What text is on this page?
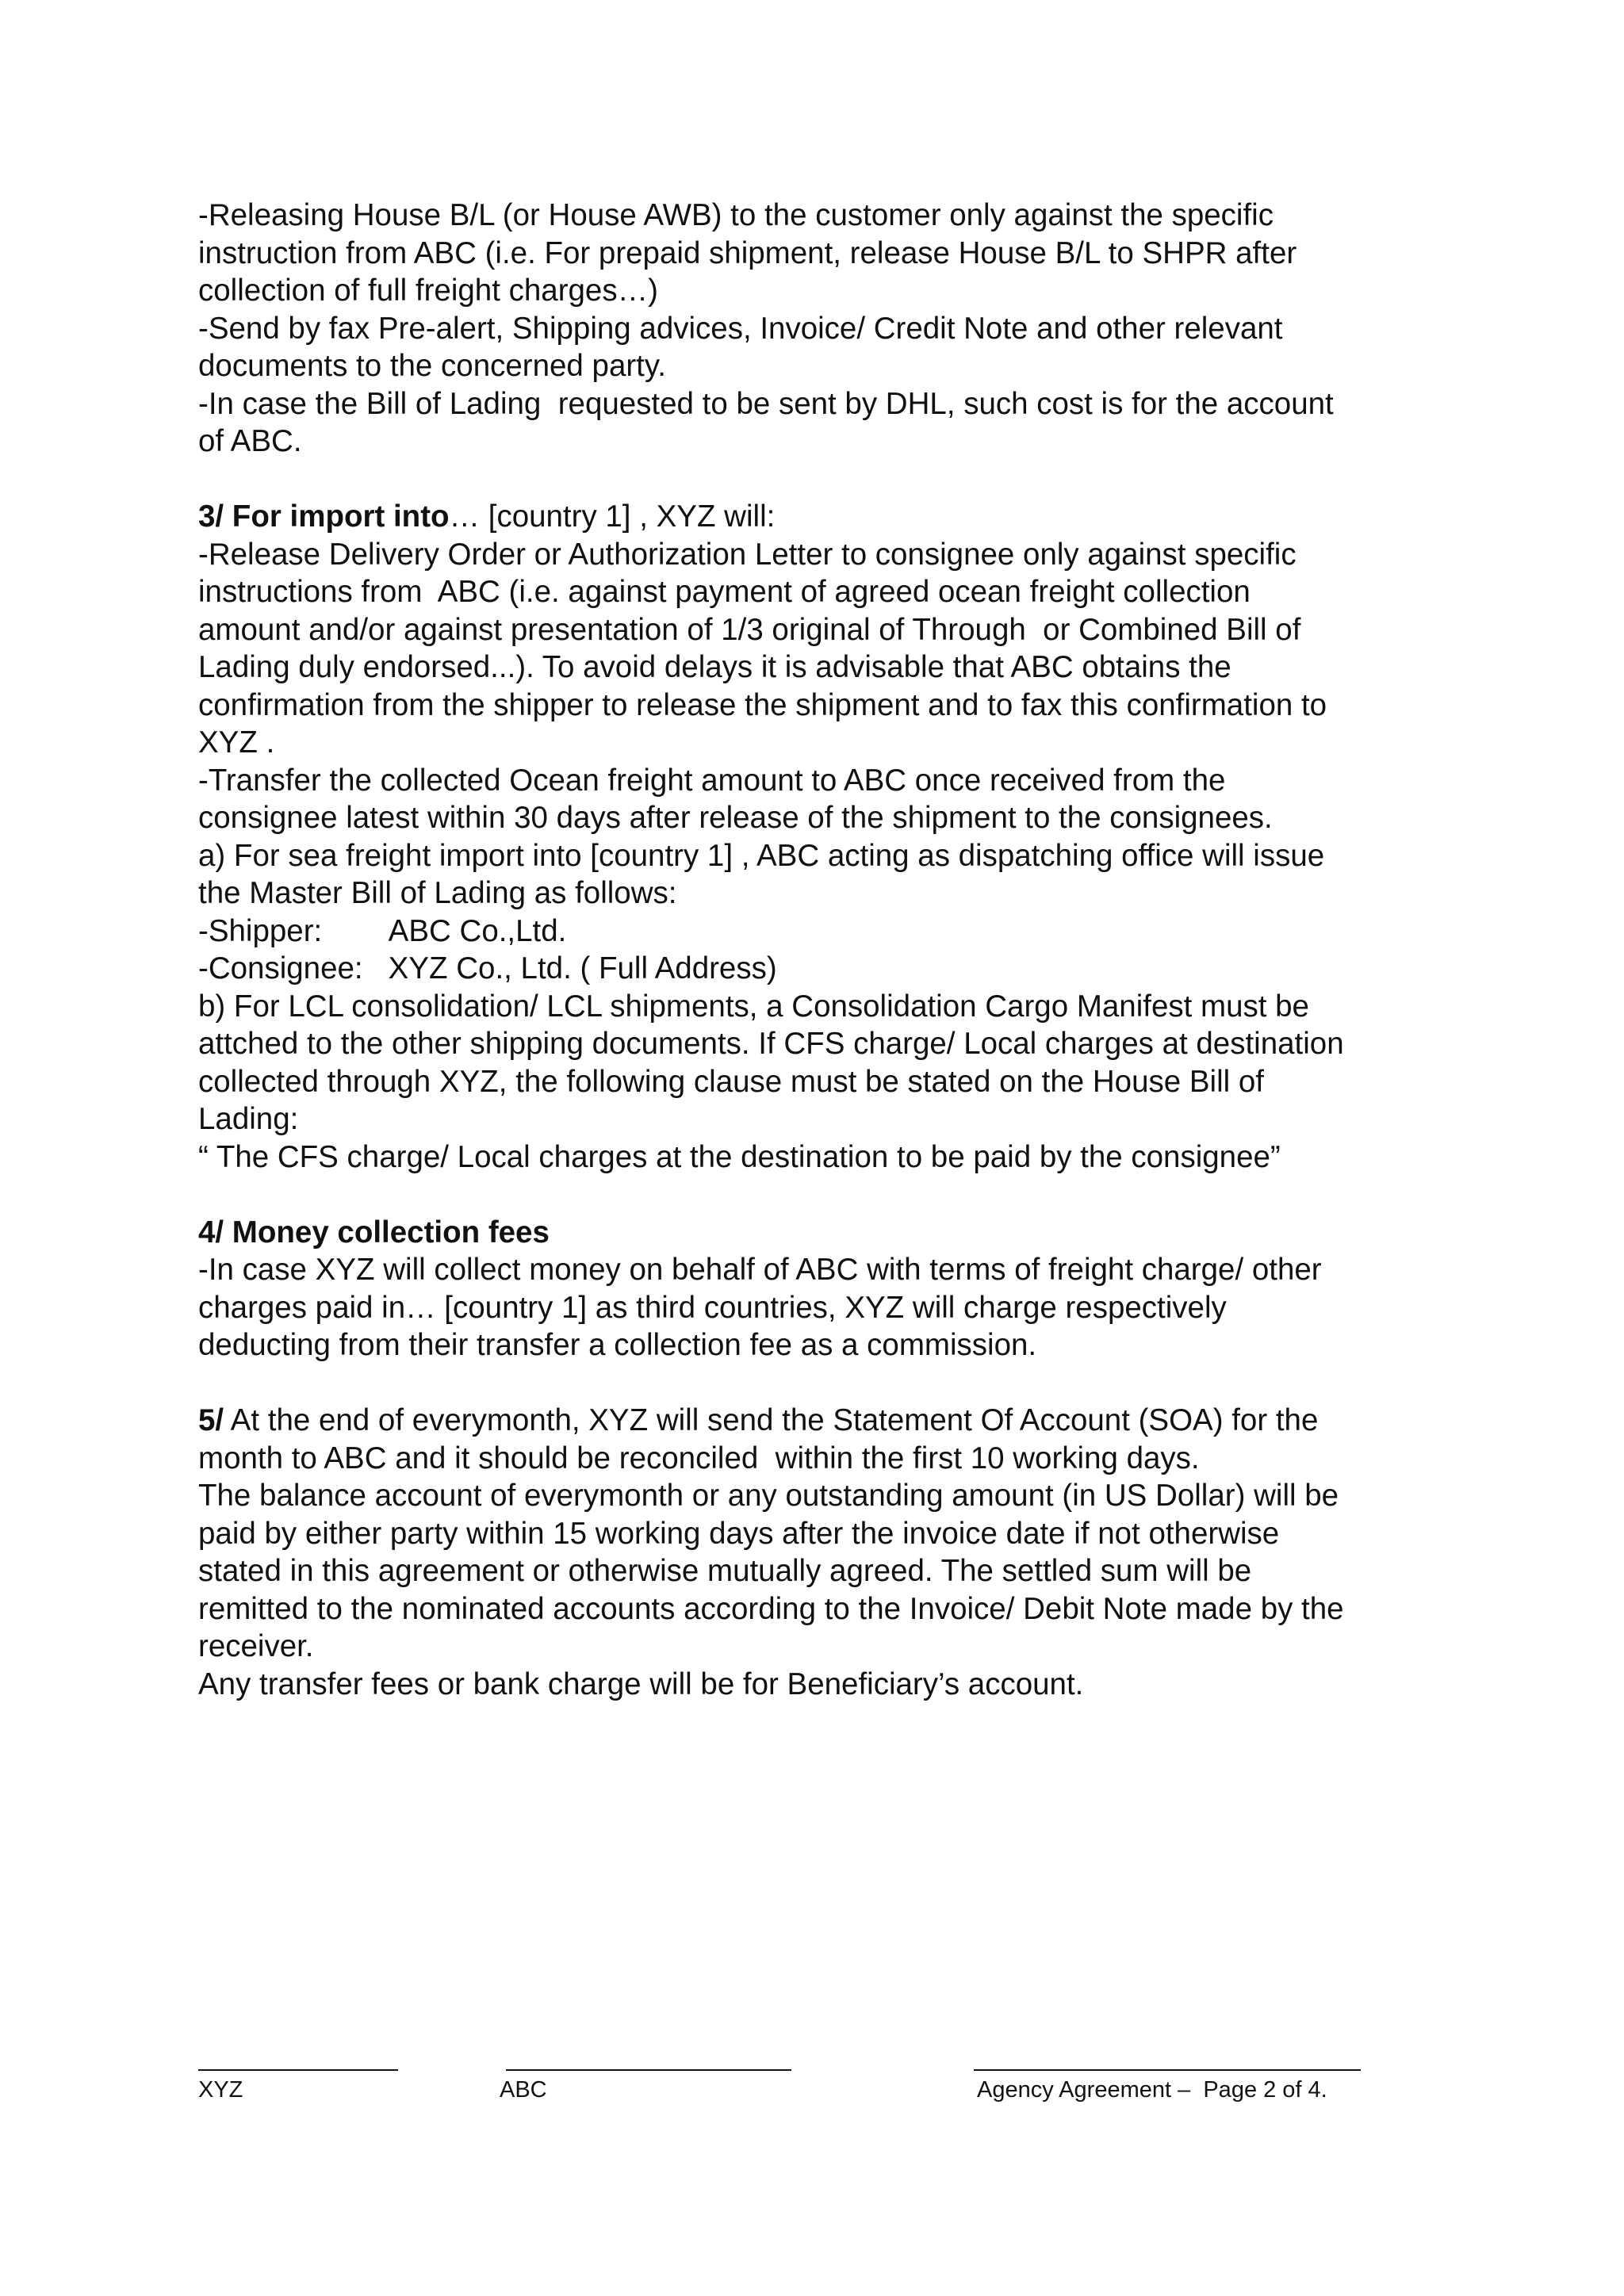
-Releasing House B/L (or House AWB) to the customer only against the specific
instruction from ABC (i.e. For prepaid shipment, release House B/L to SHPR after
collection of full freight charges…)
-Send by fax Pre-alert, Shipping advices, Invoice/ Credit Note and other relevant
documents to the concerned party.
-In case the Bill of Lading  requested to be sent by DHL, such cost is for the account
of ABC.
3/ For import into… [country 1] , XYZ will:
-Release Delivery Order or Authorization Letter to consignee only against specific
instructions from  ABC (i.e. against payment of agreed ocean freight collection
amount and/or against presentation of 1/3 original of Through  or Combined Bill of
Lading duly endorsed...). To avoid delays it is advisable that ABC obtains the
confirmation from the shipper to release the shipment and to fax this confirmation to
XYZ .
-Transfer the collected Ocean freight amount to ABC once received from the
consignee latest within 30 days after release of the shipment to the consignees.
a) For sea freight import into [country 1] , ABC acting as dispatching office will issue
the Master Bill of Lading as follows:
-Shipper:        ABC Co.,Ltd.
-Consignee:   XYZ Co., Ltd. ( Full Address)
b) For LCL consolidation/ LCL shipments, a Consolidation Cargo Manifest must be
attched to the other shipping documents. If CFS charge/ Local charges at destination
collected through XYZ, the following clause must be stated on the House Bill of
Lading:
“ The CFS charge/ Local charges at the destination to be paid by the consignee”
4/ Money collection fees
-In case XYZ will collect money on behalf of ABC with terms of freight charge/ other
charges paid in… [country 1] as third countries, XYZ will charge respectively
deducting from their transfer a collection fee as a commission.
5/ At the end of everymonth, XYZ will send the Statement Of Account (SOA) for the
month to ABC and it should be reconciled  within the first 10 working days.
The balance account of everymonth or any outstanding amount (in US Dollar) will be
paid by either party within 15 working days after the invoice date if not otherwise
stated in this agreement or otherwise mutually agreed. The settled sum will be
remitted to the nominated accounts according to the Invoice/ Debit Note made by the
receiver.
Any transfer fees or bank charge will be for Beneficiary’s account.
XYZ	ABC	Agency Agreement –  Page 2 of 4.
